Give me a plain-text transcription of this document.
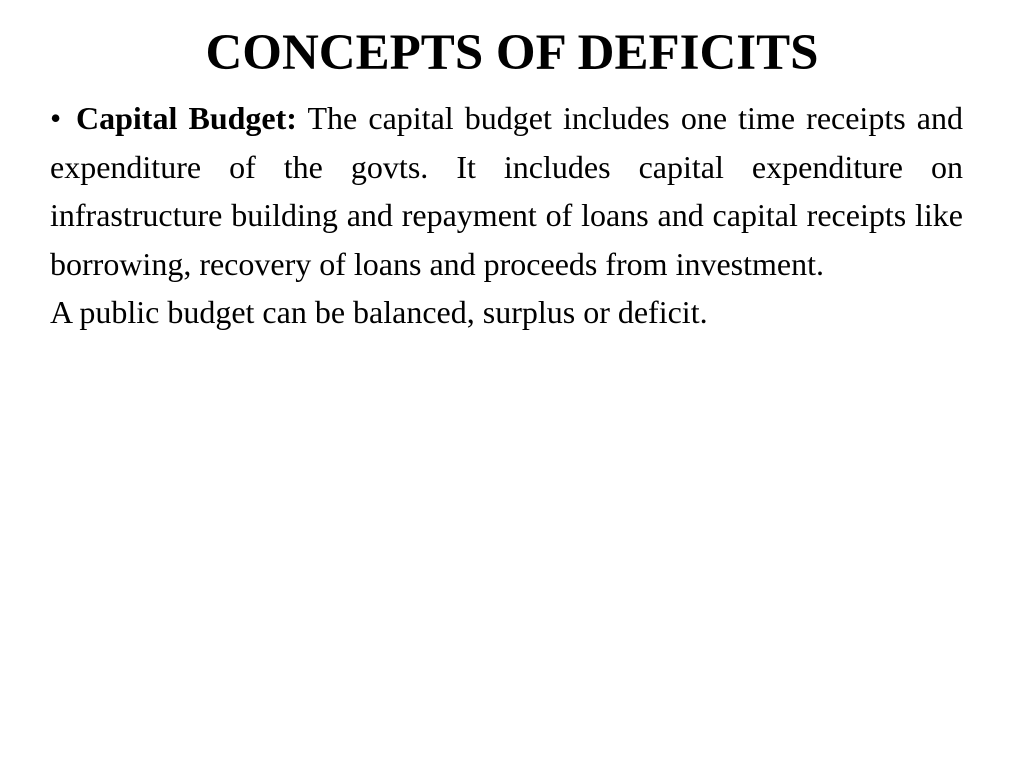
CONCEPTS OF DEFICITS

• Capital Budget: The capital budget includes one time receipts and expenditure of the govts. It includes capital expenditure on infrastructure building and repayment of loans and capital receipts like borrowing, recovery of loans and proceeds from investment.

A public budget can be balanced, surplus or deficit.
